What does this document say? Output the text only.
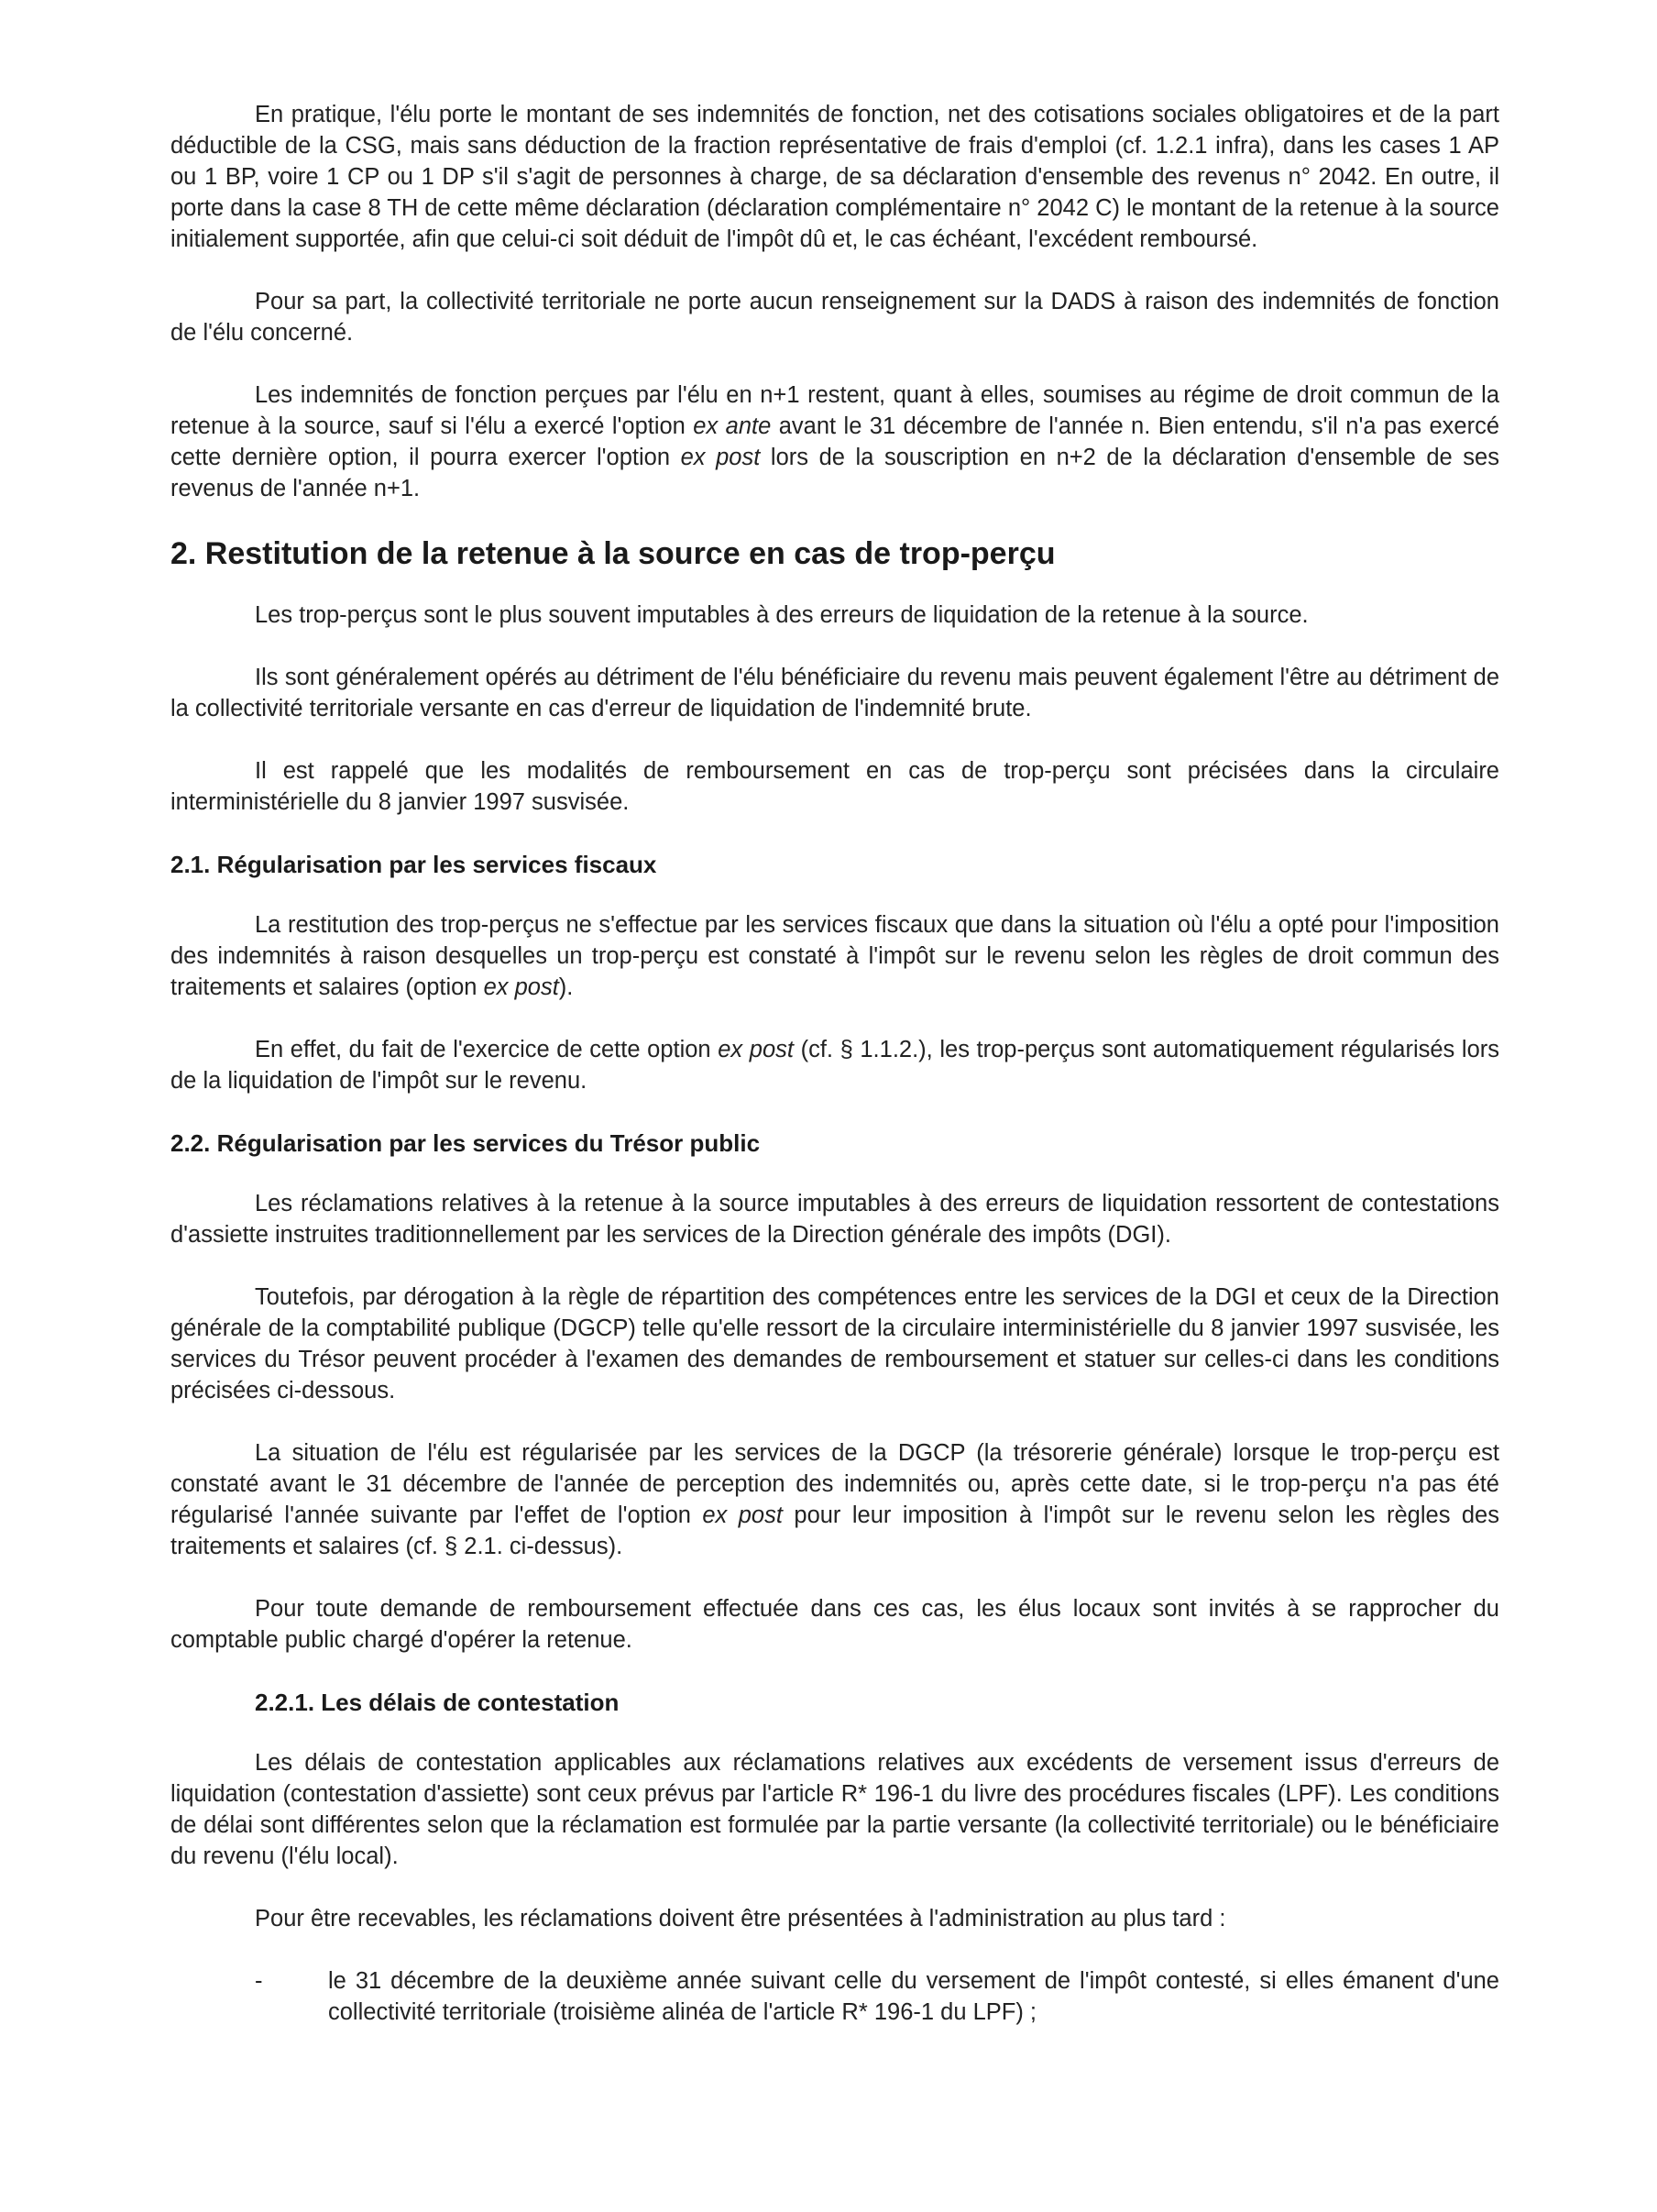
En pratique, l'élu porte le montant de ses indemnités de fonction, net des cotisations sociales obligatoires et de la part déductible de la CSG, mais sans déduction de la fraction représentative de frais d'emploi (cf. 1.2.1 infra), dans les cases 1 AP ou 1 BP, voire 1 CP ou 1 DP s'il s'agit de personnes à charge, de sa déclaration d'ensemble des revenus n° 2042. En outre, il porte dans la case 8 TH de cette même déclaration (déclaration complémentaire n° 2042 C) le montant de la retenue à la source initialement supportée, afin que celui-ci soit déduit de l'impôt dû et, le cas échéant, l'excédent remboursé.

Pour sa part, la collectivité territoriale ne porte aucun renseignement sur la DADS à raison des indemnités de fonction de l'élu concerné.

Les indemnités de fonction perçues par l'élu en n+1 restent, quant à elles, soumises au régime de droit commun de la retenue à la source, sauf si l'élu a exercé l'option ex ante avant le 31 décembre de l'année n. Bien entendu, s'il n'a pas exercé cette dernière option, il pourra exercer l'option ex post lors de la souscription en n+2 de la déclaration d'ensemble de ses revenus de l'année n+1.

2. Restitution de la retenue à la source en cas de trop-perçu

Les trop-perçus sont le plus souvent imputables à des erreurs de liquidation de la retenue à la source.

Ils sont généralement opérés au détriment de l'élu bénéficiaire du revenu mais peuvent également l'être au détriment de la collectivité territoriale versante en cas d'erreur de liquidation de l'indemnité brute.

Il est rappelé que les modalités de remboursement en cas de trop-perçu sont précisées dans la circulaire interministérielle du 8 janvier 1997 susvisée.

2.1. Régularisation par les services fiscaux

La restitution des trop-perçus ne s'effectue par les services fiscaux que dans la situation où l'élu a opté pour l'imposition des indemnités à raison desquelles un trop-perçu est constaté à l'impôt sur le revenu selon les règles de droit commun des traitements et salaires (option ex post).

En effet, du fait de l'exercice de cette option ex post (cf. § 1.1.2.), les trop-perçus sont automatiquement régularisés lors de la liquidation de l'impôt sur le revenu.

2.2. Régularisation par les services du Trésor public

Les réclamations relatives à la retenue à la source imputables à des erreurs de liquidation ressortent de contestations d'assiette instruites traditionnellement par les services de la Direction générale des impôts (DGI).

Toutefois, par dérogation à la règle de répartition des compétences entre les services de la DGI et ceux de la Direction générale de la comptabilité publique (DGCP) telle qu'elle ressort de la circulaire interministérielle du 8 janvier 1997 susvisée, les services du Trésor peuvent procéder à l'examen des demandes de remboursement et statuer sur celles-ci dans les conditions précisées ci-dessous.

La situation de l'élu est régularisée par les services de la DGCP (la trésorerie générale) lorsque le trop-perçu est constaté avant le 31 décembre de l'année de perception des indemnités ou, après cette date, si le trop-perçu n'a pas été régularisé l'année suivante par l'effet de l'option ex post pour leur imposition à l'impôt sur le revenu selon les règles des traitements et salaires (cf. § 2.1. ci-dessus).

Pour toute demande de remboursement effectuée dans ces cas, les élus locaux sont invités à se rapprocher du comptable public chargé d'opérer la retenue.

2.2.1. Les délais de contestation

Les délais de contestation applicables aux réclamations relatives aux excédents de versement issus d'erreurs de liquidation (contestation d'assiette) sont ceux prévus par l'article R* 196-1 du livre des procédures fiscales (LPF). Les conditions de délai sont différentes selon que la réclamation est formulée par la partie versante (la collectivité territoriale) ou le bénéficiaire du revenu (l'élu local).

Pour être recevables, les réclamations doivent être présentées à l'administration au plus tard :

-	le 31 décembre de la deuxième année suivant celle du versement de l'impôt contesté, si elles émanent d'une collectivité territoriale (troisième alinéa de l'article R* 196-1 du LPF) ;
